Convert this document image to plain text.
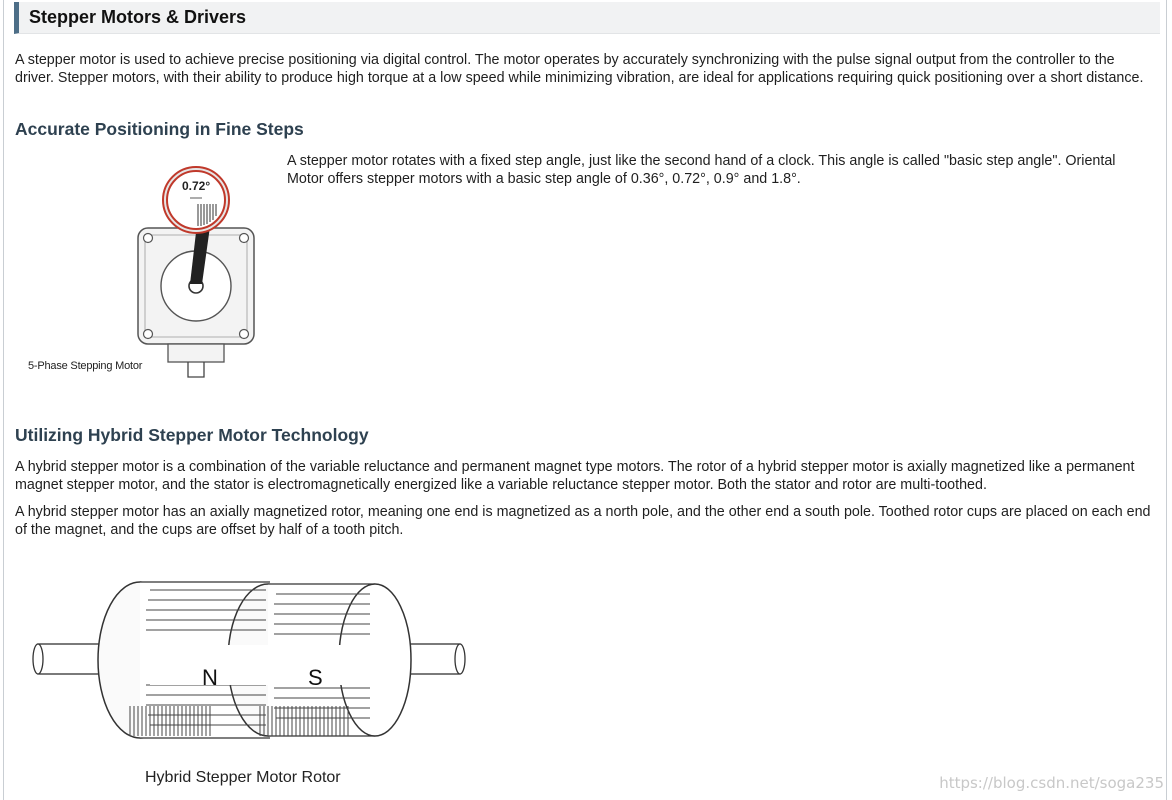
Stepper Motors & Drivers

A stepper motor is used to achieve precise positioning via digital control. The motor operates by accurately synchronizing with the pulse signal output from the controller to the driver. Stepper motors, with their ability to produce high torque at a low speed while minimizing vibration, are ideal for applications requiring quick positioning over a short distance.

Accurate Positioning in Fine Steps
0.72°
5-Phase Stepping Motor

A stepper motor rotates with a fixed step angle, just like the second hand of a clock. This angle is called "basic step angle". Oriental Motor offers stepper motors with a basic step angle of 0.36°, 0.72°, 0.9° and 1.8°.

Utilizing Hybrid Stepper Motor Technology

A hybrid stepper motor is a combination of the variable reluctance and permanent magnet type motors. The rotor of a hybrid stepper motor is axially magnetized like a permanent magnet stepper motor, and the stator is electromagnetically energized like a variable reluctance stepper motor. Both the stator and rotor are multi-toothed.

A hybrid stepper motor has an axially magnetized rotor, meaning one end is magnetized as a north pole, and the other end a south pole. Toothed rotor cups are placed on each end of the magnet, and the cups are offset by half of a tooth pitch.

N	S
Hybrid Stepper Motor Rotor	https://blog.csdn.net/soga235
